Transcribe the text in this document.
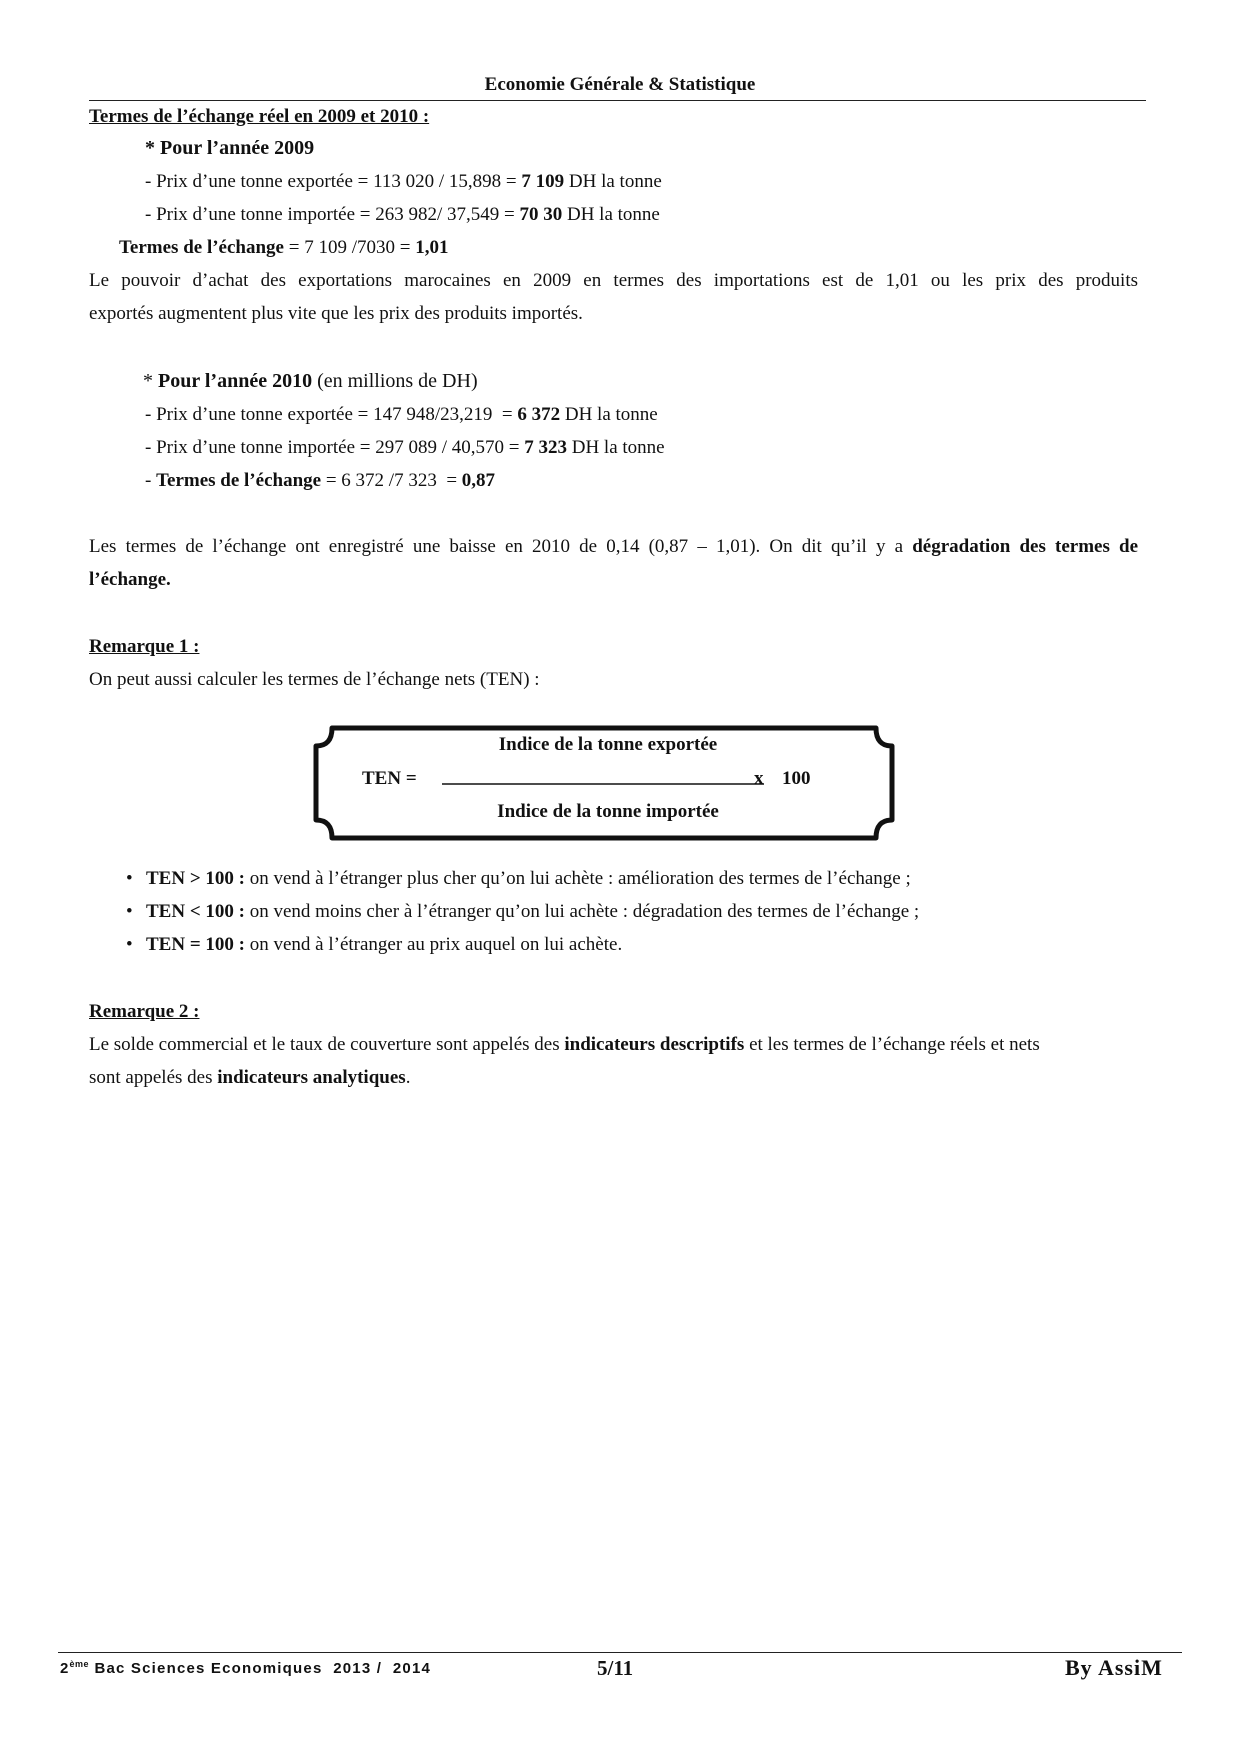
Economie Générale & Statistique
Termes de l’échange réel en 2009 et 2010 :
* Pour l’année 2009
- Prix d’une tonne exportée = 113 020 / 15,898 = 7 109 DH la tonne
- Prix d’une tonne importée = 263 982/ 37,549 = 70 30 DH la tonne
Termes de l’échange = 7 109 /7030 = 1,01
Le pouvoir d’achat des exportations marocaines en 2009 en termes des importations est de 1,01 ou les prix des produits
exportés augmentent plus vite que les prix des produits importés.
* Pour l’année 2010 (en millions de DH)
- Prix d’une tonne exportée = 147 948/23,219  = 6 372 DH la tonne
- Prix d’une tonne importée = 297 089 / 40,570 = 7 323 DH la tonne
- Termes de l’échange = 6 372 /7 323  = 0,87
Les termes de l’échange ont enregistré une baisse en 2010 de 0,14 (0,87 – 1,01). On dit qu’il y a dégradation des termes de
l’échange.
Remarque 1 :
On peut aussi calculer les termes de l’échange nets (TEN) :
TEN =
Indice de la tonne exportée
Indice de la tonne importée
x 100
• TEN > 100 : on vend à l’étranger plus cher qu’on lui achète : amélioration des termes de l’échange ;
• TEN < 100 : on vend moins cher à l’étranger qu’on lui achète : dégradation des termes de l’échange ;
• TEN = 100 : on vend à l’étranger au prix auquel on lui achète.
Remarque 2 :
Le solde commercial et le taux de couverture sont appelés des indicateurs descriptifs et les termes de l’échange réels et nets
sont appelés des indicateurs analytiques.
2ème Bac Sciences Economiques  2013 /  2014	5/11	By AssiM
